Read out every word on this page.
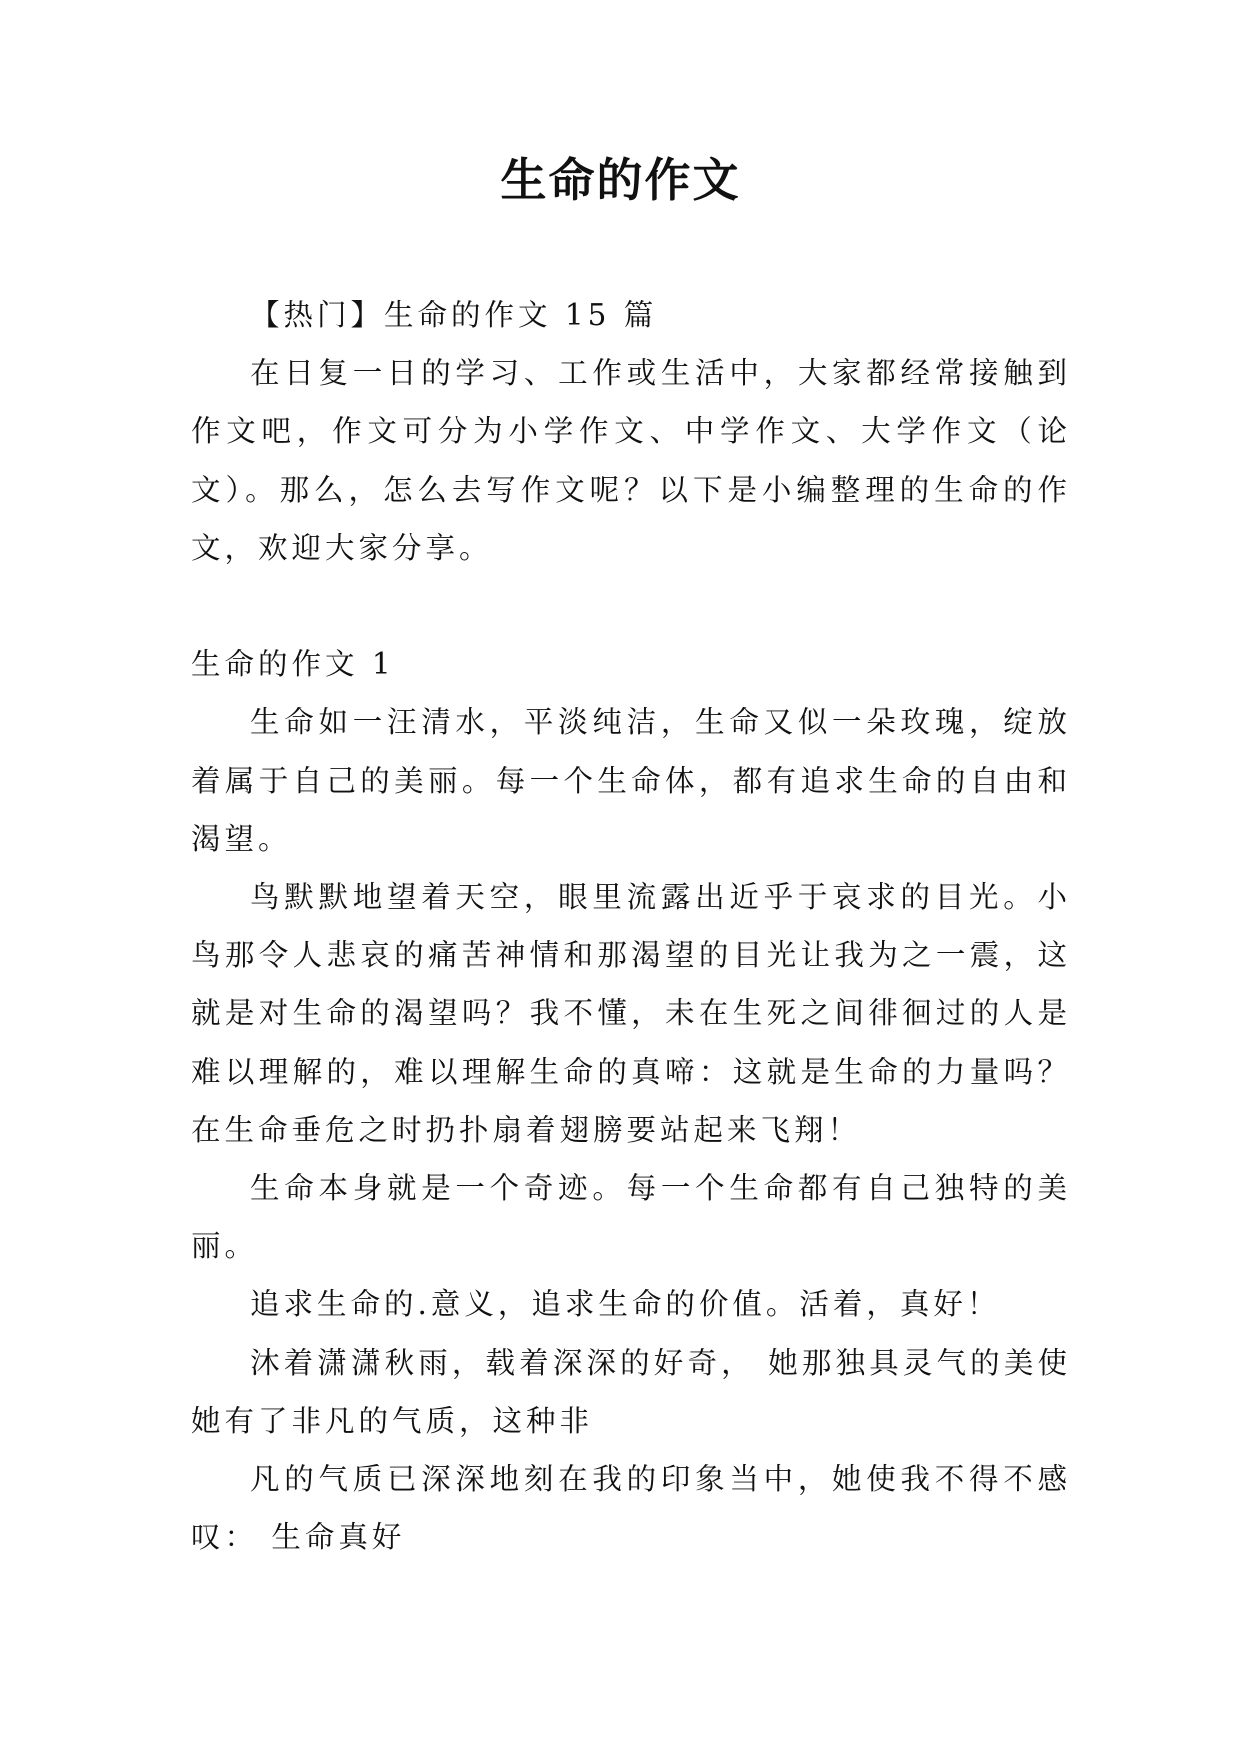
生命的作文

【热门】生命的作文 15 篇

在日复一日的学习、工作或生活中，大家都经常接触到作文吧，作文可分为小学作文、中学作文、大学作文（论文）。那么，怎么去写作文呢？以下是小编整理的生命的作文，欢迎大家分享。

生命的作文 1

生命如一汪清水，平淡纯洁，生命又似一朵玫瑰，绽放着属于自己的美丽。每一个生命体，都有追求生命的自由和渴望。

鸟默默地望着天空，眼里流露出近乎于哀求的目光。小鸟那令人悲哀的痛苦神情和那渴望的目光让我为之一震，这就是对生命的渴望吗？我不懂，未在生死之间徘徊过的人是难以理解的，难以理解生命的真啼：这就是生命的力量吗？在生命垂危之时扔扑扇着翅膀要站起来飞翔！

生命本身就是一个奇迹。每一个生命都有自己独特的美丽。

追求生命的.意义，追求生命的价值。活着，真好！

沐着潇潇秋雨，载着深深的好奇， 她那独具灵气的美使她有了非凡的气质，这种非

凡的气质已深深地刻在我的印象当中，她使我不得不感叹： 生命真好
